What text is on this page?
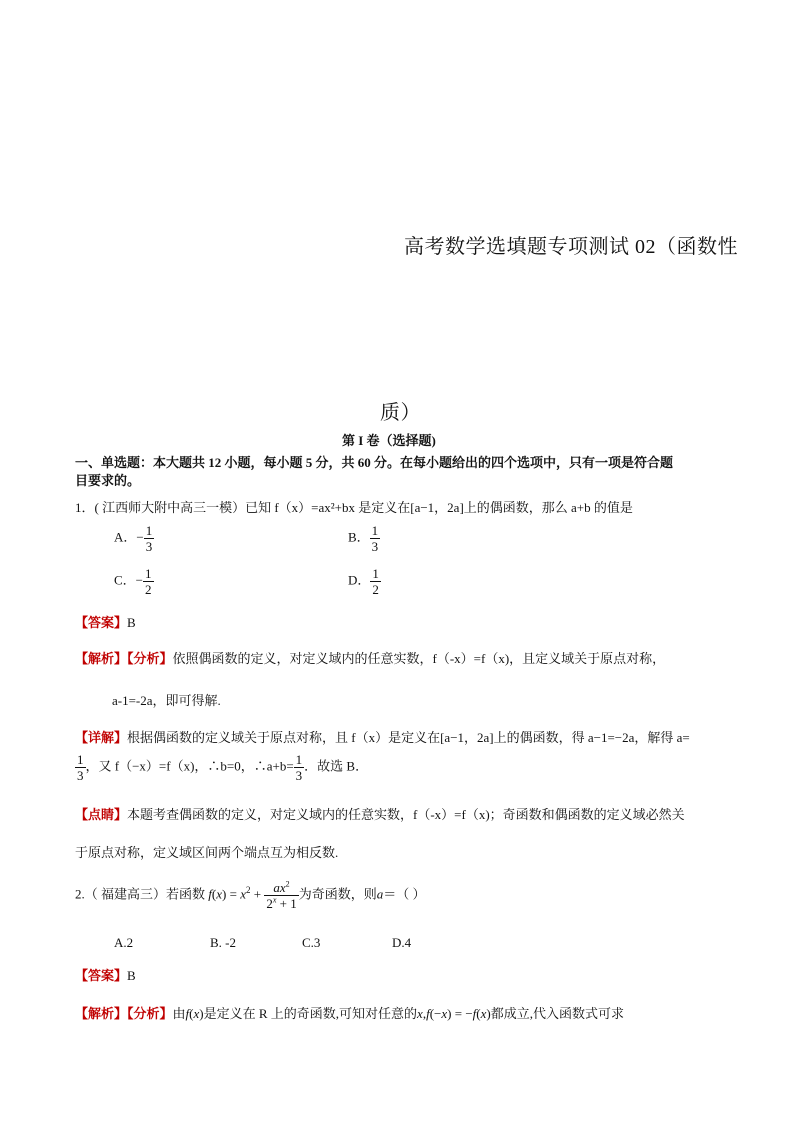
高考数学选填题专项测试 02（函数性
质）
第 I 卷（选择题)
一、单选题：本大题共 12 小题，每小题 5 分，共 60 分。在每小题给出的四个选项中，只有一项是符合题
目要求的。
1．( 江西师大附中高三一模）已知 f（x）=ax²+bx 是定义在[a−1，2a]上的偶函数，那么 a+b 的值是
A．− $\frac{1}{3}$	B． $\frac{1}{3}$
C．− $\frac{1}{2}$	D． $\frac{1}{2}$
【答案】B
【解析】【分析】依照偶函数的定义，对定义域内的任意实数，f（-x）=f（x)，且定义域关于原点对称，
a-1=-2a，即可得解.
【详解】根据偶函数的定义域关于原点对称，且 f（x）是定义在[a−1，2a]上的偶函数，得 a−1=−2a，解得 a=
$\frac{1}{3}$ ，又 f（−x）=f（x)，∴b=0，∴a+b= $\frac{1}{3}$ ．故选 B．
【点睛】本题考查偶函数的定义，对定义域内的任意实数，f（-x）=f（x)；奇函数和偶函数的定义域必然关
于原点对称，定义域区间两个端点互为相反数.
2.（ 福建高三）若函数 $f(x) = x^2 + \frac{ax^2}{2^x + 1}$ 为奇函数，则a＝（ ）
A.2	B. -2	C.3	D.4
【答案】B
【解析】【分析】由f(x)是定义在 R 上的奇函数,可知对任意的x,f(−x) = −f(x)都成立,代入函数式可求
